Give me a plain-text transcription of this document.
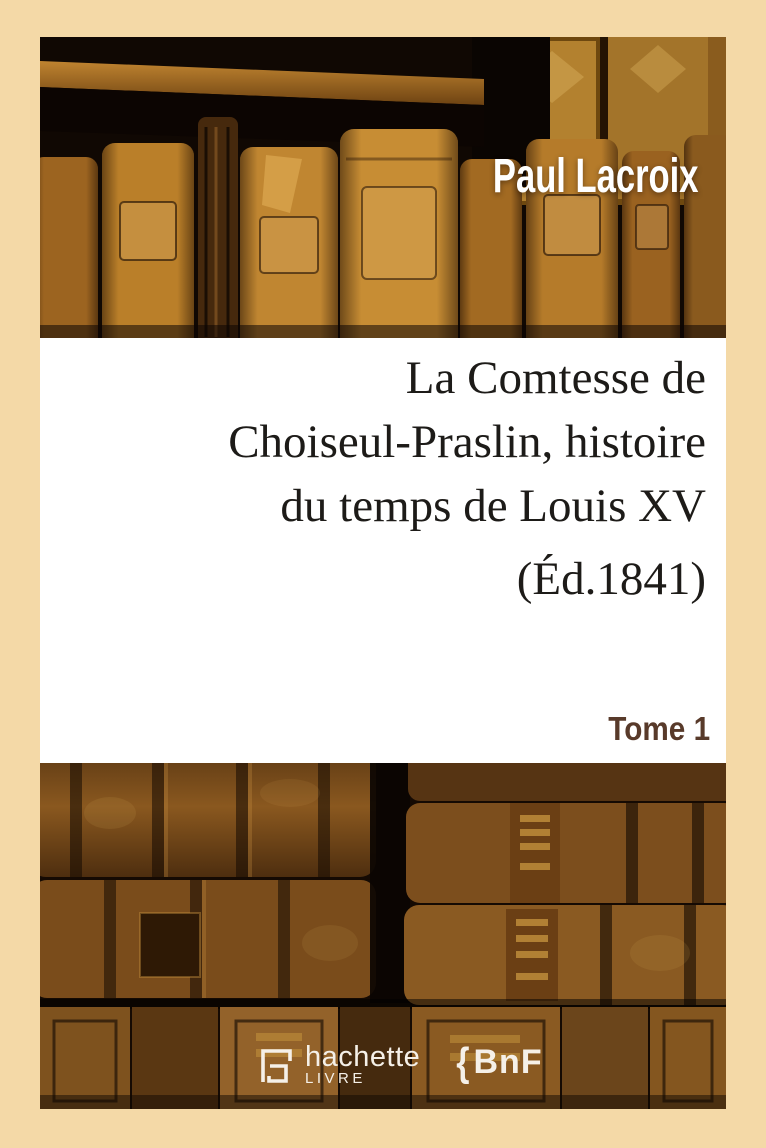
Paul Lacroix
La Comtesse de
Choiseul-Praslin, histoire
du temps de Louis XV
(Éd.1841)
Tome 1
hachette
LIVRE	{ BnF
